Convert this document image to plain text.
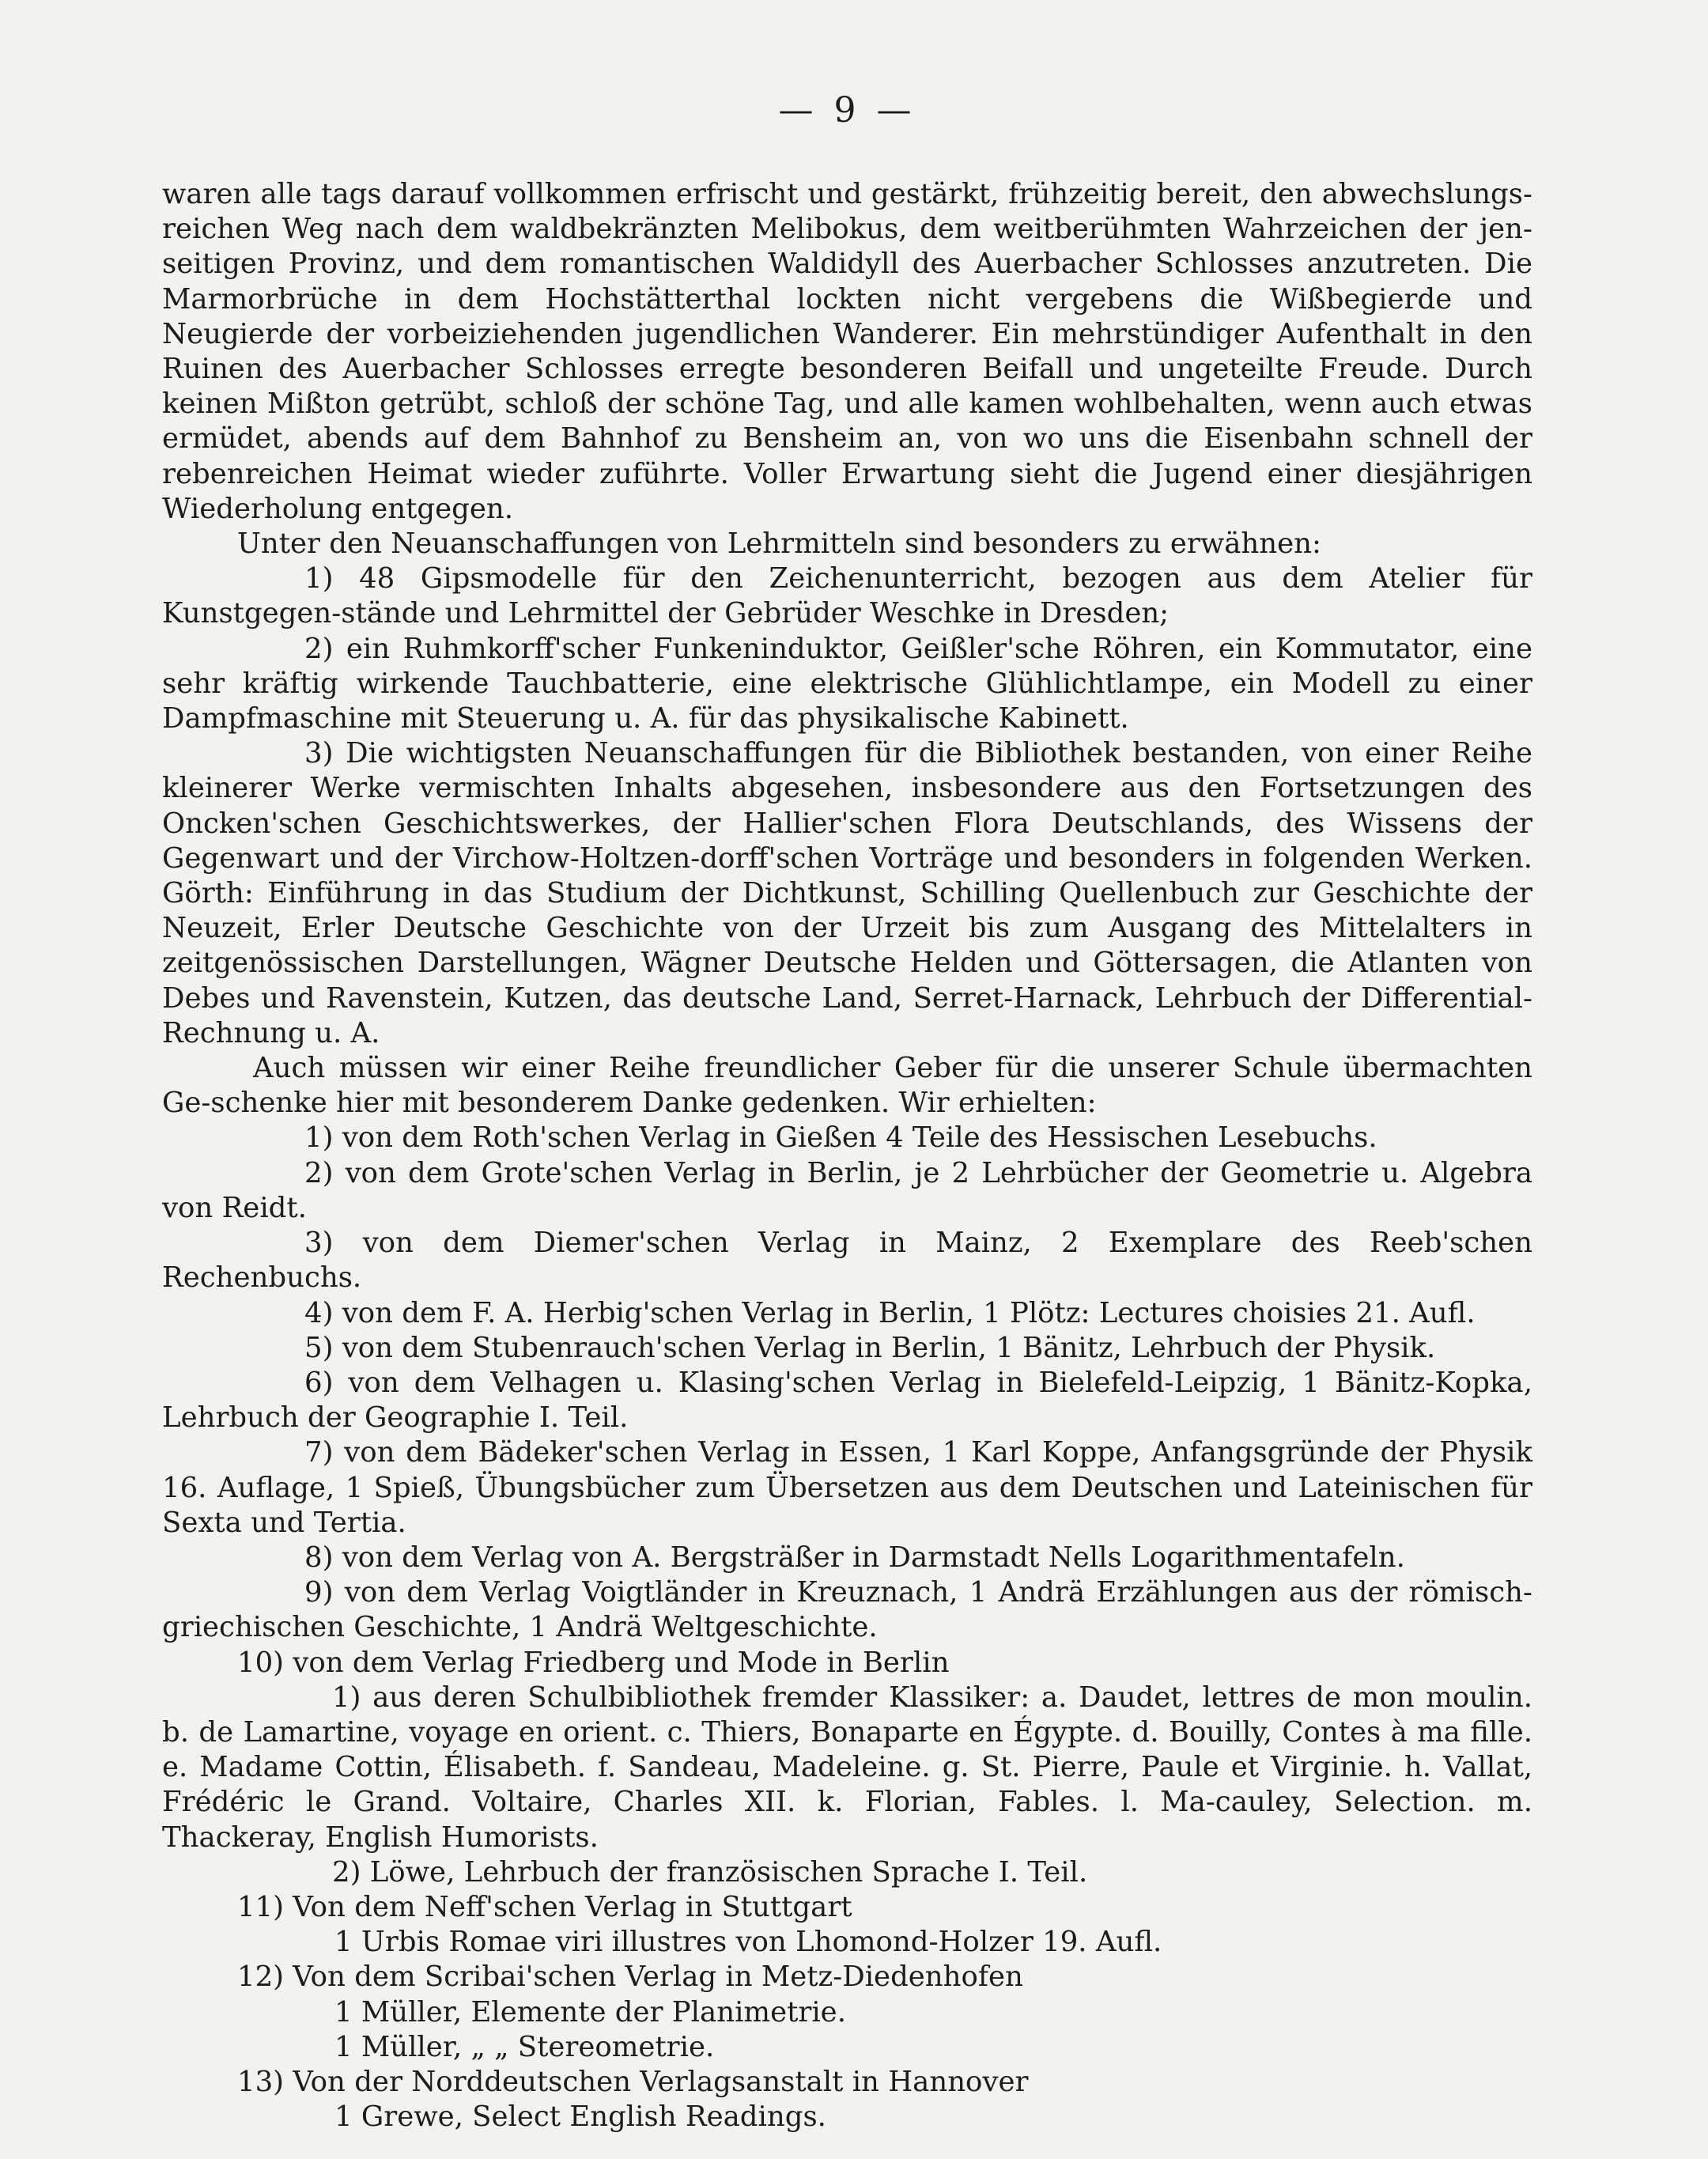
— 9 —

waren alle tags darauf vollkommen erfrischt und gestärkt, frühzeitig bereit, den abwechslungs-reichen Weg nach dem waldbekränzten Melibokus, dem weitberühmten Wahrzeichen der jen-seitigen Provinz, und dem romantischen Waldidyll des Auerbacher Schlosses anzutreten. Die Marmorbrüche in dem Hochstätterthal lockten nicht vergebens die Wißbegierde und Neugierde der vorbeiziehenden jugendlichen Wanderer. Ein mehrstündiger Aufenthalt in den Ruinen des Auerbacher Schlosses erregte besonderen Beifall und ungeteilte Freude. Durch keinen Mißton getrübt, schloß der schöne Tag, und alle kamen wohlbehalten, wenn auch etwas ermüdet, abends auf dem Bahnhof zu Bensheim an, von wo uns die Eisenbahn schnell der rebenreichen Heimat wieder zuführte. Voller Erwartung sieht die Jugend einer diesjährigen Wiederholung entgegen.

Unter den Neuanschaffungen von Lehrmitteln sind besonders zu erwähnen:

1) 48 Gipsmodelle für den Zeichenunterricht, bezogen aus dem Atelier für Kunstgegen-stände und Lehrmittel der Gebrüder Weschke in Dresden;

2) ein Ruhmkorff'scher Funkeninduktor, Geißler'sche Röhren, ein Kommutator, eine sehr kräftig wirkende Tauchbatterie, eine elektrische Glühlichtlampe, ein Modell zu einer Dampfmaschine mit Steuerung u. A. für das physikalische Kabinett.

3) Die wichtigsten Neuanschaffungen für die Bibliothek bestanden, von einer Reihe kleinerer Werke vermischten Inhalts abgesehen, insbesondere aus den Fortsetzungen des Oncken'schen Geschichtswerkes, der Hallier'schen Flora Deutschlands, des Wissens der Gegenwart und der Virchow-Holtzen-dorff'schen Vorträge und besonders in folgenden Werken. Görth: Einführung in das Studium der Dichtkunst, Schilling Quellenbuch zur Geschichte der Neuzeit, Erler Deutsche Geschichte von der Urzeit bis zum Ausgang des Mittelalters in zeitgenössischen Darstellungen, Wägner Deutsche Helden und Göttersagen, die Atlanten von Debes und Ravenstein, Kutzen, das deutsche Land, Serret-Harnack, Lehrbuch der Differential-Rechnung u. A.

Auch müssen wir einer Reihe freundlicher Geber für die unserer Schule übermachten Ge-schenke hier mit besonderem Danke gedenken. Wir erhielten:

1) von dem Roth'schen Verlag in Gießen 4 Teile des Hessischen Lesebuchs.

2) von dem Grote'schen Verlag in Berlin, je 2 Lehrbücher der Geometrie u. Algebra von Reidt.

3) von dem Diemer'schen Verlag in Mainz, 2 Exemplare des Reeb'schen Rechenbuchs.

4) von dem F. A. Herbig'schen Verlag in Berlin, 1 Plötz: Lectures choisies 21. Aufl.

5) von dem Stubenrauch'schen Verlag in Berlin, 1 Bänitz, Lehrbuch der Physik.

6) von dem Velhagen u. Klasing'schen Verlag in Bielefeld-Leipzig, 1 Bänitz-Kopka, Lehrbuch der Geographie I. Teil.

7) von dem Bädeker'schen Verlag in Essen, 1 Karl Koppe, Anfangsgründe der Physik 16. Auflage, 1 Spieß, Übungsbücher zum Übersetzen aus dem Deutschen und Lateinischen für Sexta und Tertia.

8) von dem Verlag von A. Bergsträßer in Darmstadt Nells Logarithmentafeln.

9) von dem Verlag Voigtländer in Kreuznach, 1 Andrä Erzählungen aus der römisch-griechischen Geschichte, 1 Andrä Weltgeschichte.

10) von dem Verlag Friedberg und Mode in Berlin

1) aus deren Schulbibliothek fremder Klassiker: a. Daudet, lettres de mon moulin. b. de Lamartine, voyage en orient. c. Thiers, Bonaparte en Égypte. d. Bouilly, Contes à ma fille. e. Madame Cottin, Élisabeth. f. Sandeau, Madeleine. g. St. Pierre, Paule et Virginie. h. Vallat, Frédéric le Grand. Voltaire, Charles XII. k. Florian, Fables. l. Ma-cauley, Selection. m. Thackeray, English Humorists.

2) Löwe, Lehrbuch der französischen Sprache I. Teil.

11) Von dem Neff'schen Verlag in Stuttgart

1 Urbis Romae viri illustres von Lhomond-Holzer 19. Aufl.

12) Von dem Scribai'schen Verlag in Metz-Diedenhofen

1 Müller, Elemente der Planimetrie.

1 Müller, „ „ Stereometrie.

13) Von der Norddeutschen Verlagsanstalt in Hannover

1 Grewe, Select English Readings.
